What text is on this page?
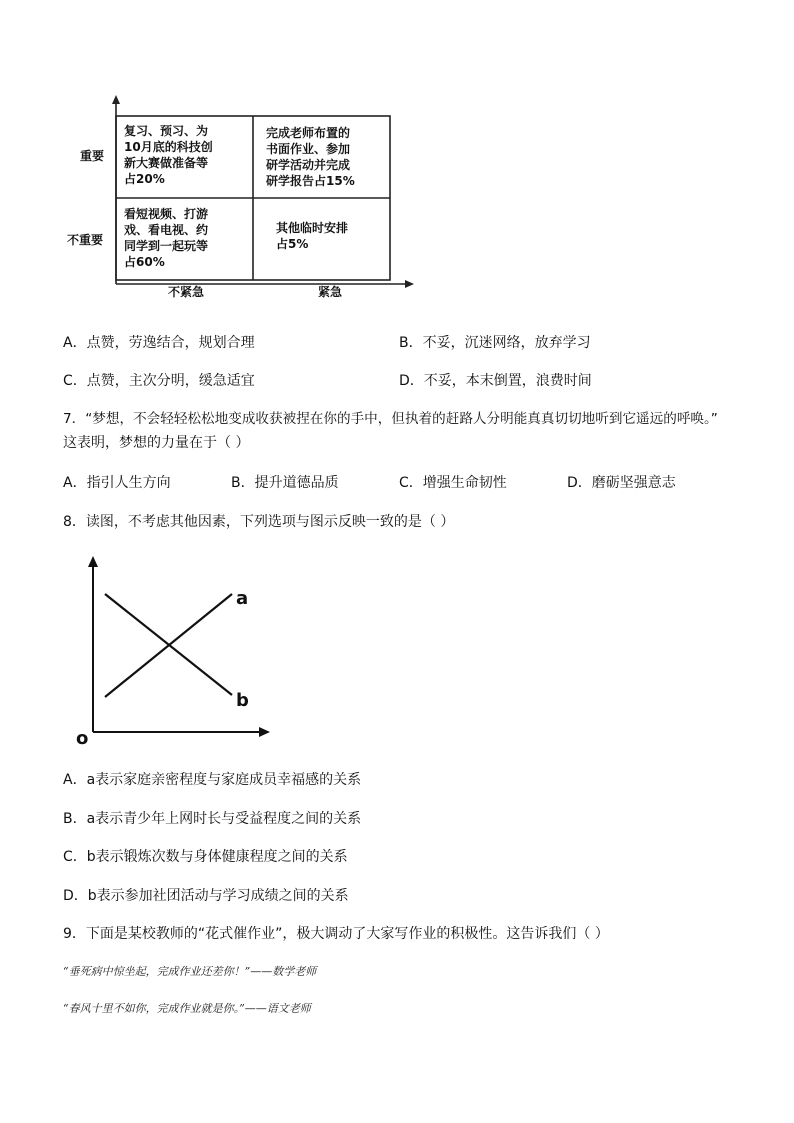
重要
不重要
不紧急	紧急
复习、预习、为
10月底的科技创
新大赛做准备等
占20%
完成老师布置的
书面作业、参加
研学活动并完成
研学报告占15%
看短视频、打游
戏、看电视、约
同学到一起玩等
占60%
其他临时安排
占5%
A．点赞，劳逸结合，规划合理	B．不妥，沉迷网络，放弃学习
C．点赞，主次分明，缓急适宜	D．不妥，本末倒置，浪费时间
7．“梦想，不会轻轻松松地变成收获被捏在你的手中，但执着的赶路人分明能真真切切地听到它遥远的呼唤。”
这表明，梦想的力量在于（ ）
A．指引人生方向	B．提升道德品质	C．增强生命韧性	D．磨砺坚强意志
8．读图，不考虑其他因素，下列选项与图示反映一致的是（ ）
a
b
o
A．a表示家庭亲密程度与家庭成员幸福感的关系
B．a表示青少年上网时长与受益程度之间的关系
C．b表示锻炼次数与身体健康程度之间的关系
D．b表示参加社团活动与学习成绩之间的关系
9．下面是某校教师的“花式催作业”，极大调动了大家写作业的积极性。这告诉我们（ ）
“垂死病中惊坐起，完成作业还差你！”——数学老师
“春风十里不如你，完成作业就是你。”——语文老师
